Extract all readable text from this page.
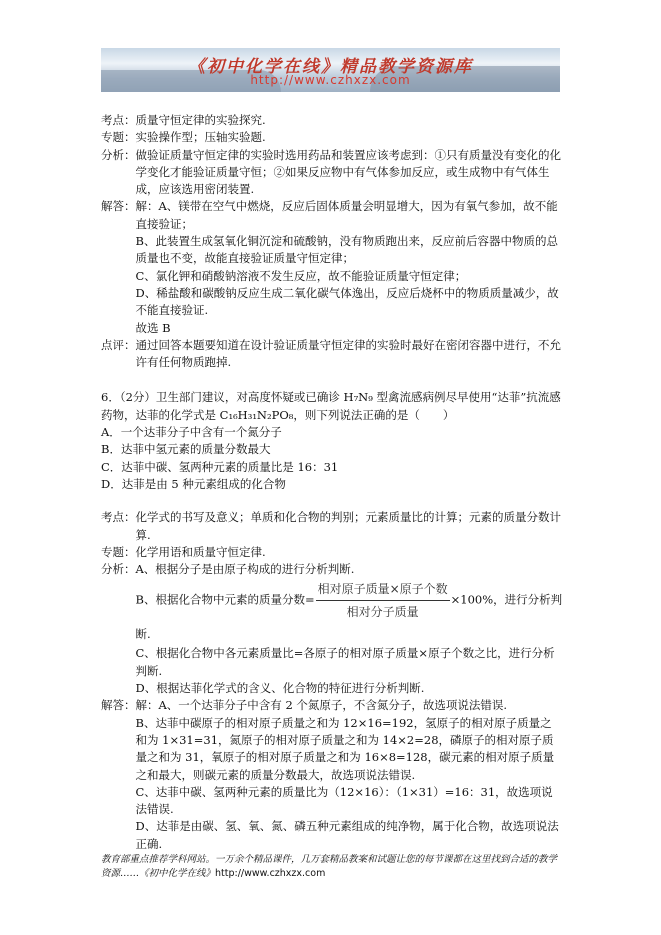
《初中化学在线》精品教学资源库
http://www.czhxzx.com
考点： 质量守恒定律的实验探究.
专题： 实验操作型；压轴实验题.
分析： 做验证质量守恒定律的实验时选用药品和装置应该考虑到：①只有质量没有变化的化学变化才能验证质量守恒；②如果反应物中有气体参加反应，或生成物中有气体生成，应该选用密闭装置.
解答： 解：A、镁带在空气中燃烧，反应后固体质量会明显增大，因为有氧气参加，故不能直接验证；
B、此装置生成氢氧化铜沉淀和硫酸钠，没有物质跑出来，反应前后容器中物质的总质量也不变，故能直接验证质量守恒定律；
C、氯化钾和硝酸钠溶液不发生反应，故不能验证质量守恒定律；
D、稀盐酸和碳酸钠反应生成二氧化碳气体逸出，反应后烧杯中的物质质量减少，故不能直接验证.
故选 B
点评： 通过回答本题要知道在设计验证质量守恒定律的实验时最好在密闭容器中进行，不允许有任何物质跑掉.
6．（2分）卫生部门建议，对高度怀疑或已确诊 H₇N₉ 型禽流感病例尽早使用“达菲”抗流感药物，达菲的化学式是 C₁₆H₃₁N₂PO₈，则下列说法正确的是（　　）
A．一个达菲分子中含有一个氮分子
B．达菲中氢元素的质量分数最大
C．达菲中碳、氢两种元素的质量比是 16：31
D．达菲是由 5 种元素组成的化合物
考点： 化学式的书写及意义；单质和化合物的判别；元素质量比的计算；元素的质量分数计算.
专题： 化学用语和质量守恒定律.
分析： A、根据分子是由原子构成的进行分析判断.
B、根据化合物中元素的质量分数= $\frac{\text{相对原子质量×原子个数}}{\text{相对分子质量}} \times 100\%$，进行分析判断.
C、根据化合物中各元素质量比=各原子的相对原子质量×原子个数之比，进行分析判断.
D、根据达菲化学式的含义、化合物的特征进行分析判断.
解答： 解：A、一个达菲分子中含有 2 个氮原子，不含氮分子，故选项说法错误.
B、达菲中碳原子的相对原子质量之和为 12×16=192，氢原子的相对原子质量之和为 1×31=31，氮原子的相对原子质量之和为 14×2=28，磷原子的相对原子质量之和为 31，氧原子的相对原子质量之和为 16×8=128，碳元素的相对原子质量之和最大，则碳元素的质量分数最大，故选项说法错误.
C、达菲中碳、氢两种元素的质量比为（12×16）：（1×31）=16：31，故选项说法错误.
D、达菲是由碳、氢、氧、氮、磷五种元素组成的纯净物，属于化合物，故选项说法正确.
教育部重点推荐学科网站。一万余个精品课件，几万套精品教案和试题让您的每节课都在这里找到合适的教学资源……《初中化学在线》http://www.czhxzx.com
